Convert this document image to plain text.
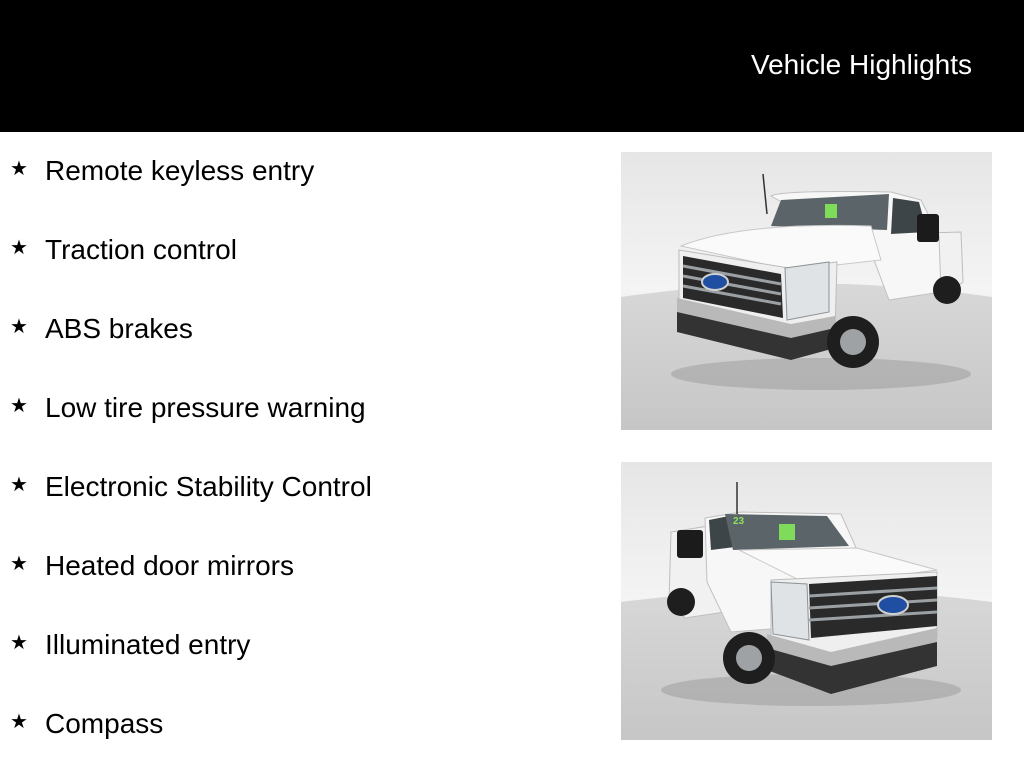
Vehicle Highlights
★ Remote keyless entry
★ Traction control
★ ABS brakes
★ Low tire pressure warning
★ Electronic Stability Control
★ Heated door mirrors
★ Illuminated entry
★ Compass
23
